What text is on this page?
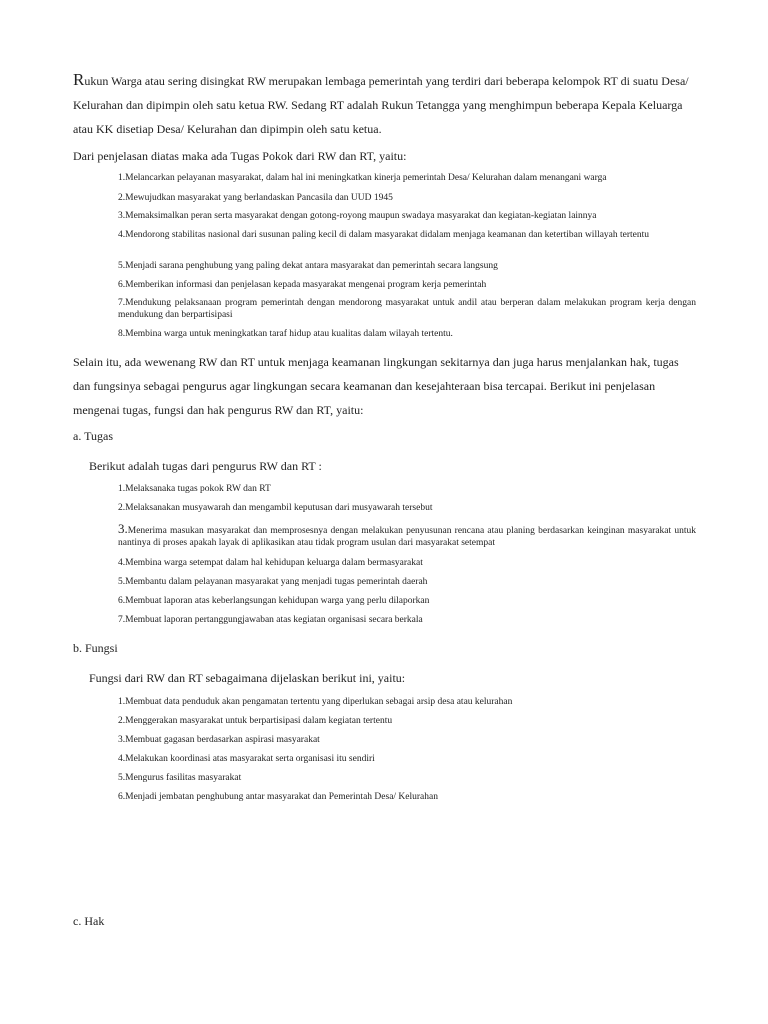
Rukun Warga atau sering disingkat RW merupakan lembaga pemerintah yang terdiri dari beberapa kelompok RT di suatu Desa/ Kelurahan dan dipimpin oleh satu ketua RW. Sedang RT adalah Rukun Tetangga yang menghimpun beberapa Kepala Keluarga atau KK disetiap Desa/ Kelurahan dan dipimpin oleh satu ketua.

Dari penjelasan diatas maka ada Tugas Pokok dari RW dan RT, yaitu:

1.Melancarkan pelayanan masyarakat, dalam hal ini meningkatkan kinerja pemerintah Desa/ Kelurahan dalam menangani warga
2.Mewujudkan masyarakat yang berlandaskan Pancasila dan UUD 1945
3.Memaksimalkan peran serta masyarakat dengan gotong-royong maupun swadaya masyarakat dan kegiatan-kegiatan lainnya
4.Mendorong stabilitas nasional dari susunan paling kecil di dalam masyarakat didalam menjaga keamanan dan ketertiban willayah tertentu
5.Menjadi sarana penghubung yang paling dekat antara masyarakat dan pemerintah secara langsung
6.Memberikan informasi dan penjelasan kepada masyarakat mengenai program kerja pemerintah
7.Mendukung pelaksanaan program pemerintah dengan mendorong masyarakat untuk andil atau berperan dalam melakukan program kerja dengan mendukung dan berpartisipasi
8.Membina warga untuk meningkatkan taraf hidup atau kualitas dalam wilayah tertentu.

Selain itu, ada wewenang RW dan RT untuk menjaga keamanan lingkungan sekitarnya dan juga harus menjalankan hak, tugas dan fungsinya sebagai pengurus agar lingkungan secara keamanan dan kesejahteraan bisa tercapai. Berikut ini penjelasan mengenai tugas, fungsi dan hak pengurus RW dan RT, yaitu:

a. Tugas

Berikut adalah tugas dari pengurus RW dan RT :

1.Melaksanaka tugas pokok RW dan RT
2.Melaksanakan musyawarah dan mengambil keputusan dari musyawarah tersebut
3.Menerima masukan masyarakat dan memprosesnya dengan melakukan penyusunan rencana atau planing berdasarkan keinginan masyarakat untuk nantinya di proses apakah layak di aplikasikan atau tidak program usulan dari masyarakat setempat
4.Membina warga setempat dalam hal kehidupan keluarga dalam bermasyarakat
5.Membantu dalam pelayanan masyarakat yang menjadi tugas pemerintah daerah
6.Membuat laporan atas keberlangsungan kehidupan warga yang perlu dilaporkan
7.Membuat laporan pertanggungjawaban atas kegiatan organisasi secara berkala

b. Fungsi

Fungsi dari RW dan RT sebagaimana dijelaskan berikut ini, yaitu:

1.Membuat data penduduk akan pengamatan tertentu yang diperlukan sebagai arsip desa atau kelurahan
2.Menggerakan masyarakat untuk berpartisipasi dalam kegiatan tertentu
3.Membuat gagasan berdasarkan aspirasi masyarakat
4.Melakukan koordinasi atas masyarakat serta organisasi itu sendiri
5.Mengurus fasilitas masyarakat
6.Menjadi jembatan penghubung antar masyarakat dan Pemerintah Desa/ Kelurahan

c. Hak
